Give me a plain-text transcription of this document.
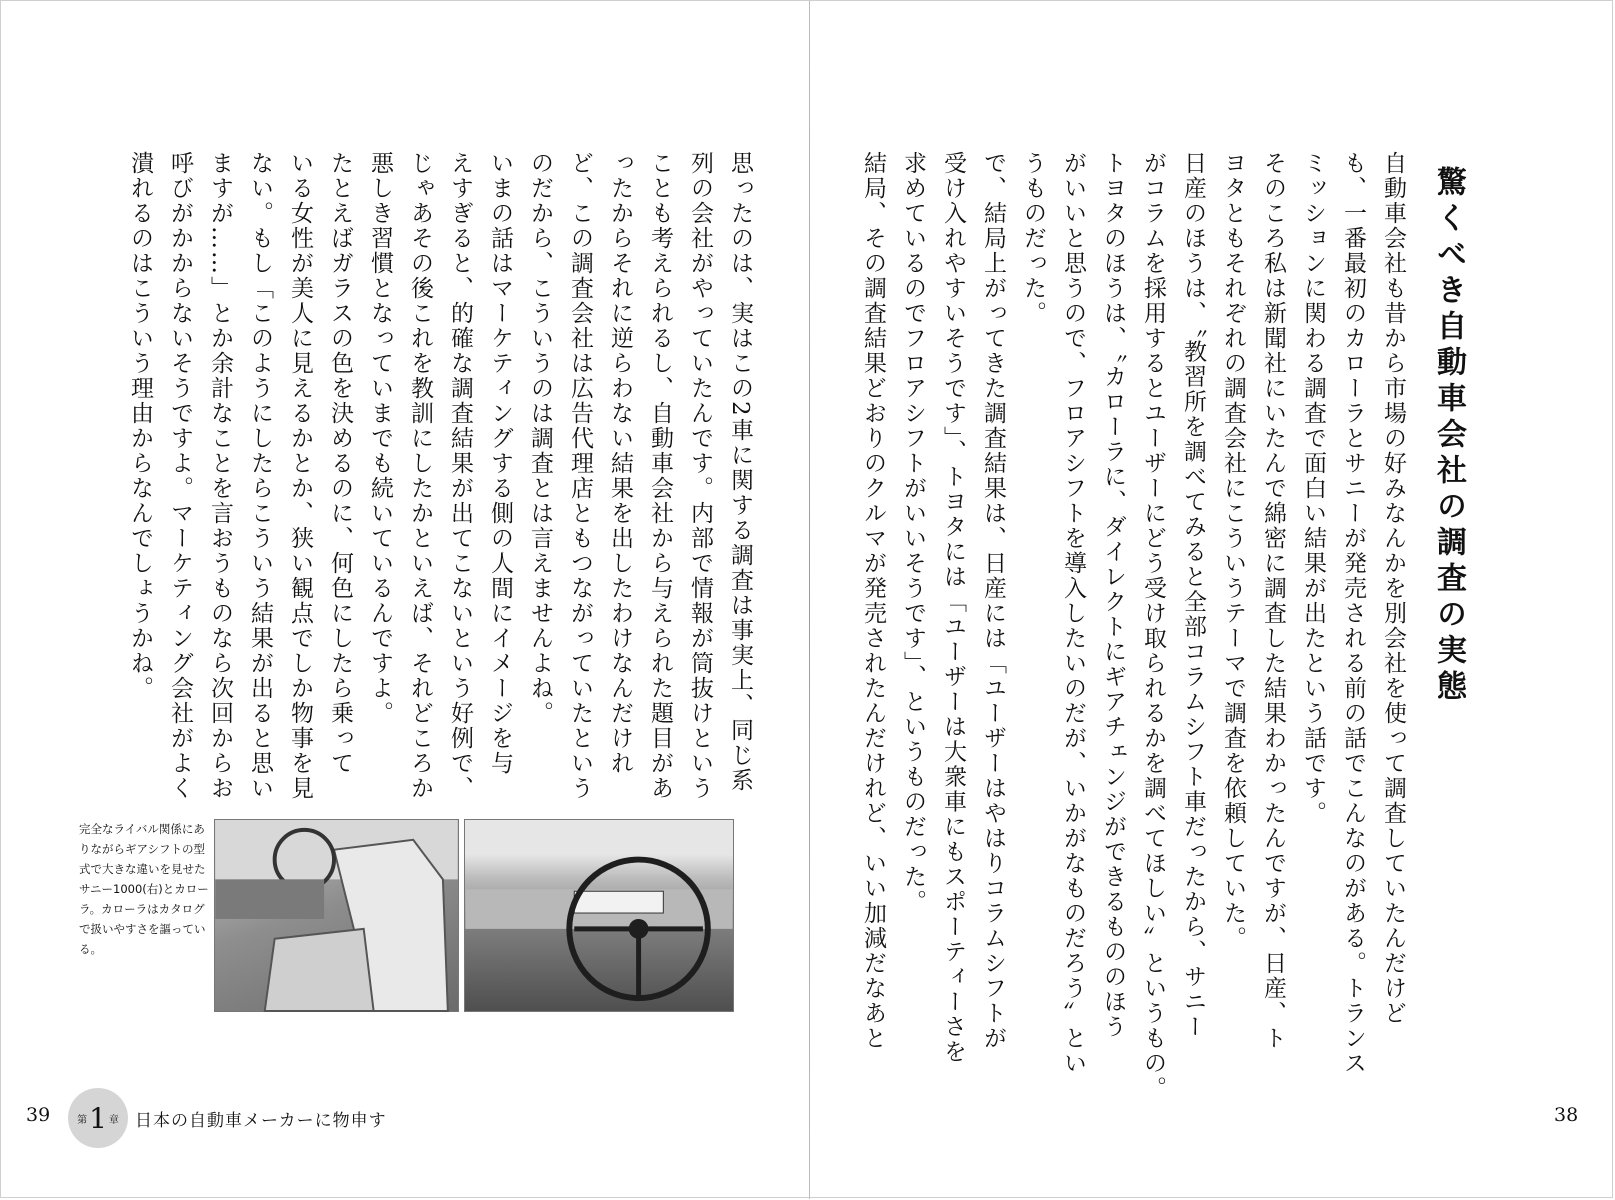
驚くべき自動車会社の調査の実態
自動車会社も昔から市場の好みなんかを別会社を使って調査していたんだけど
も、一番最初のカローラとサニーが発売される前の話でこんなのがある。トランス
ミッションに関わる調査で面白い結果が出たという話です。
そのころ私は新聞社にいたんで綿密に調査した結果わかったんですが、日産、ト
ヨタともそれぞれの調査会社にこういうテーマで調査を依頼していた。
日産のほうは、〝教習所を調べてみると全部コラムシフト車だったから、サニー
がコラムを採用するとユーザーにどう受け取られるかを調べてほしい〟というもの。
トヨタのほうは、〝カローラに、ダイレクトにギアチェンジができるもののほう
がいいと思うので、フロアシフトを導入したいのだが、いかがなものだろう〟とい
うものだった。
で、結局上がってきた調査結果は、日産には「ユーザーはやはりコラムシフトが
受け入れやすいそうです」、トヨタには「ユーザーは大衆車にもスポーティーさを
求めているのでフロアシフトがいいそうです」、というものだった。
結局、その調査結果どおりのクルマが発売されたんだけれど、いい加減だなあと
38
思ったのは、実はこの2車に関する調査は事実上、同じ系
列の会社がやっていたんです。内部で情報が筒抜けという
ことも考えられるし、自動車会社から与えられた題目があ
ったからそれに逆らわない結果を出したわけなんだけれ
ど、この調査会社は広告代理店ともつながっていたという
のだから、こういうのは調査とは言えませんよね。
いまの話はマーケティングする側の人間にイメージを与
えすぎると、的確な調査結果が出てこないという好例で、
じゃあその後これを教訓にしたかといえば、それどころか
悪しき習慣となっていまでも続いているんですよ。
たとえばガラスの色を決めるのに、何色にしたら乗って
いる女性が美人に見えるかとか、狭い観点でしか物事を見
ない。もし「このようにしたらこういう結果が出ると思い
ますが……」とか余計なことを言おうものなら次回からお
呼びがかからないそうですよ。マーケティング会社がよく
潰れるのはこういう理由からなんでしょうかね。
完全なライバル関係にありながらギアシフトの型式で大きな違いを見せたサニー1000(右)とカローラ。カローラはカタログで扱いやすさを謳っている。
39	第 1 章 日本の自動車メーカーに物申す
